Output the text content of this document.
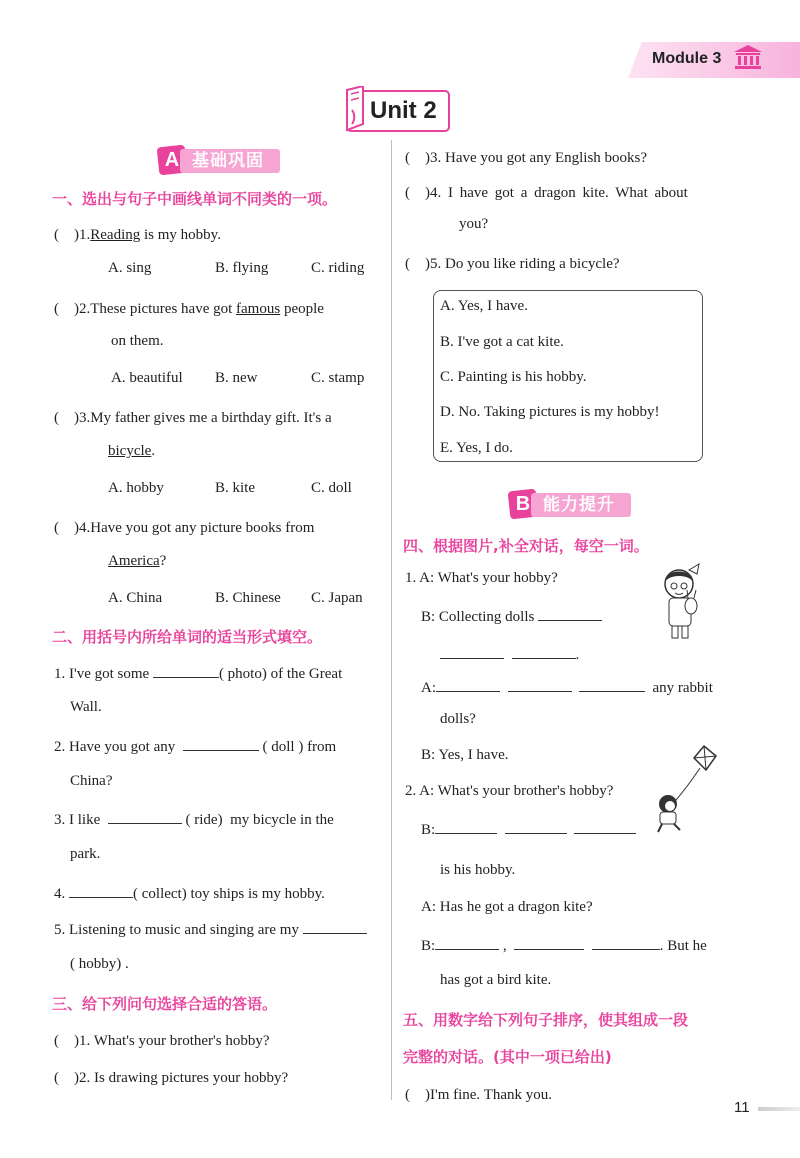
Module 3
Unit 2
A 基础巩固
一、选出与句子中画线单词不同类的一项。
(　)1.Reading is my hobby.
A. sing	B. flying	C. riding
(　)2.These pictures have got famous people
on them.
A. beautiful B. new	C. stamp
(　)3.My father gives me a birthday gift. It's a
bicycle.
A. hobby	B. kite	C. doll
(　)4.Have you got any picture books from
America?
A. China	B. Chinese C. Japan
二、用括号内所给单词的适当形式填空。
1. I've got some	( photo) of the Great
Wall.
2. Have you got any	( doll ) from
China?
3. I like	( ride) my bicycle in the
park.
4.	( collect) toy ships is my hobby.
5. Listening to music and singing are my
( hobby) .
三、给下列问句选择合适的答语。
(　)1. What's your brother's hobby?
(　)2. Is drawing pictures your hobby?
(　)3. Have you got any English books?
(　)4. I have got a dragon kite. What about
you?
(　)5. Do you like riding a bicycle?
A. Yes, I have.
B. I've got a cat kite.
C. Painting is his hobby.
D. No. Taking pictures is my hobby!
E. Yes, I do.
B 能力提升
四、根据图片,补全对话，每空一词。
1. A: What's your hobby?
B: Collecting dolls
.
A:	any rabbit
dolls?
B: Yes, I have.
2. A: What's your brother's hobby?
B:
is his hobby.
A: Has he got a dragon kite?
B:	,	. But he
has got a bird kite.
五、用数字给下列句子排序，使其组成一段
完整的对话。(其中一项已给出)
(　)I'm fine. Thank you.
11
